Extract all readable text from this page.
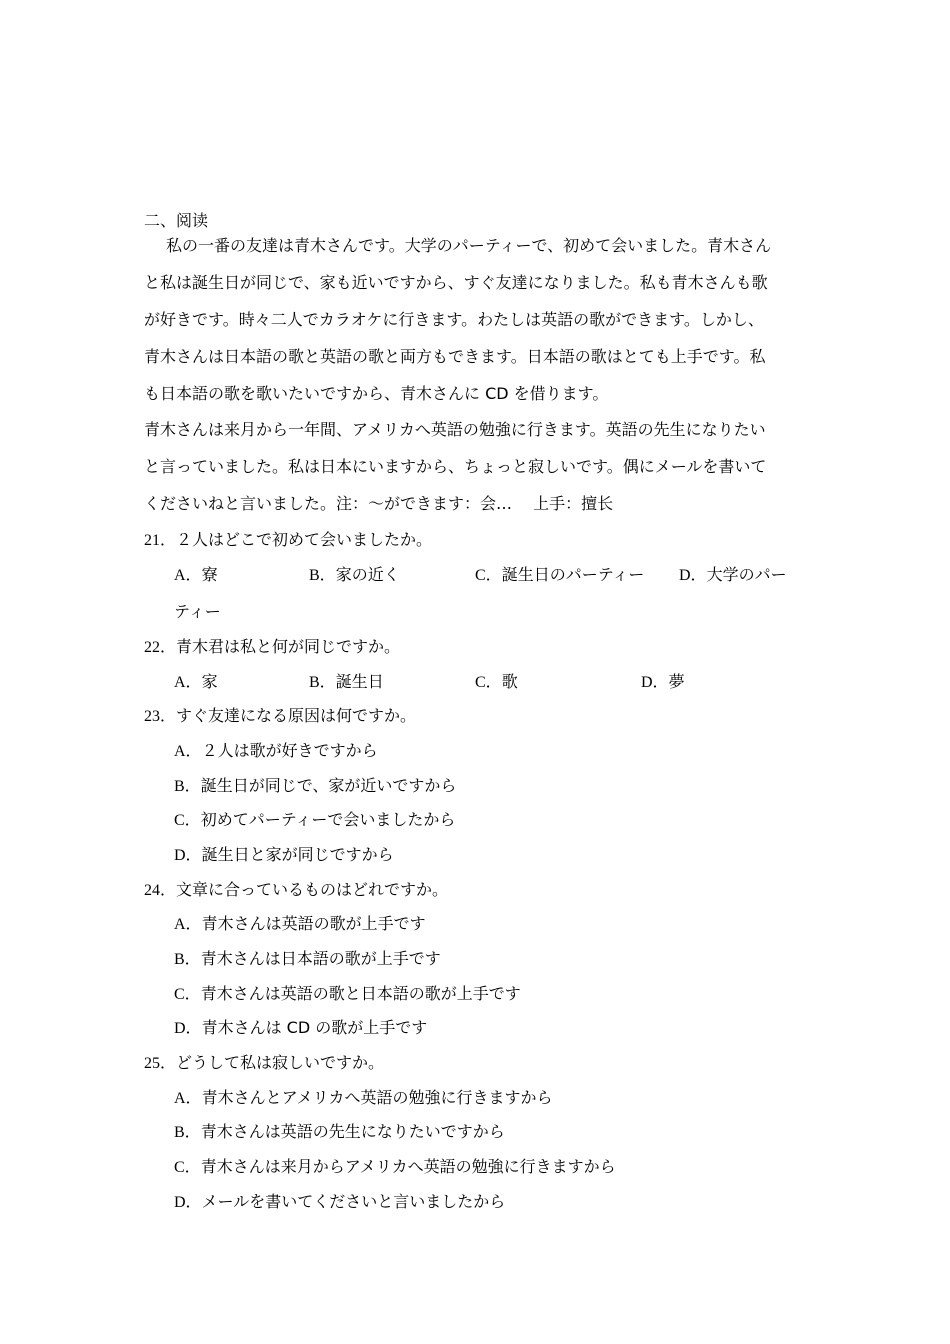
二、阅读
私の一番の友達は青木さんです。大学のパーティーで、初めて会いました。青木さん
と私は誕生日が同じで、家も近いですから、すぐ友達になりました。私も青木さんも歌
が好きです。時々二人でカラオケに行きます。わたしは英語の歌ができます。しかし、
青木さんは日本語の歌と英語の歌と両方もできます。日本語の歌はとても上手です。私
も日本語の歌を歌いたいですから、青木さんに CD を借ります。
青木さんは来月から一年間、アメリカへ英語の勉強に行きます。英語の先生になりたい
と言っていました。私は日本にいますから、ちょっと寂しいです。偶にメールを書いて
くださいねと言いました。注：～ができます：会…　 上手：擅长
21．２人はどこで初めて会いましたか。
A．寮	B．家の近く	C．誕生日のパーティー D．大学のパー
ティー
22．青木君は私と何が同じですか。
A．家	B．誕生日	C．歌	D．夢
23．すぐ友達になる原因は何ですか。
A．２人は歌が好きですから
B．誕生日が同じで、家が近いですから
C．初めてパーティーで会いましたから
D．誕生日と家が同じですから
24．文章に合っているものはどれですか。
A．青木さんは英語の歌が上手です
B．青木さんは日本語の歌が上手です
C．青木さんは英語の歌と日本語の歌が上手です
D．青木さんは CD の歌が上手です
25．どうして私は寂しいですか。
A．青木さんとアメリカへ英語の勉強に行きますから
B．青木さんは英語の先生になりたいですから
C．青木さんは来月からアメリカへ英語の勉強に行きますから
D．メールを書いてくださいと言いましたから
